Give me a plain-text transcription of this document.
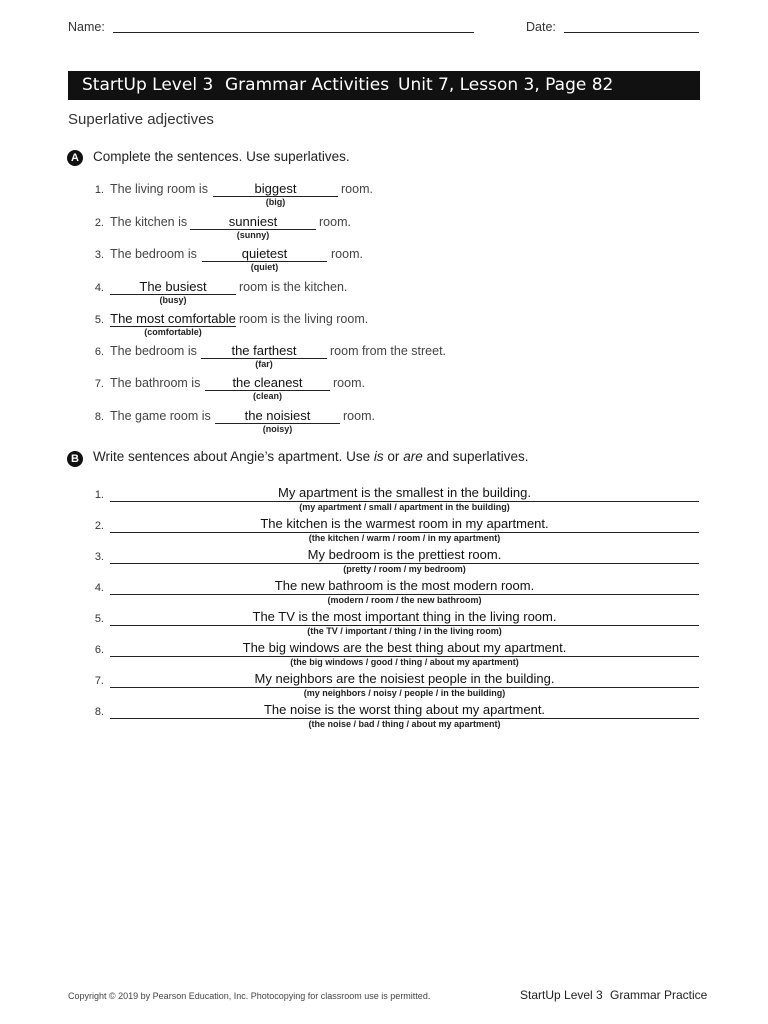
Name:	Date:
StartUp Level 3 Grammar Activities Unit 7, Lesson 3, Page 82
Superlative adjectives
A Complete the sentences. Use superlatives.
1. The living room is	biggest
(big)
room.
2. The kitchen is	sunniest
(sunny)
room.
3. The bedroom is	quietest
(quiet)
room.
4.	The busiest
(busy)
room is the kitchen.
5. The most comfortable
(comfortable)
room is the living room.
6. The bedroom is	the farthest
(far)
room from the street.
7. The bathroom is	the cleanest
(clean)
room.
8. The game room is	the noisiest
(noisy)
room.
B Write sentences about Angie’s apartment. Use is or are and superlatives.
1.	My apartment is the smallest in the building.
(my apartment / small / apartment in the building)
2.	The kitchen is the warmest room in my apartment.
(the kitchen / warm / room / in my apartment)
3.	My bedroom is the prettiest room.
(pretty / room / my bedroom)
4.	The new bathroom is the most modern room.
(modern / room / the new bathroom)
5.	The TV is the most important thing in the living room.
(the TV / important / thing / in the living room)
6.	The big windows are the best thing about my apartment.
(the big windows / good / thing / about my apartment)
7.	My neighbors are the noisiest people in the building.
(my neighbors / noisy / people / in the building)
8.	The noise is the worst thing about my apartment.
(the noise / bad / thing / about my apartment)
Copyright © 2019 by Pearson Education, Inc. Photocopying for classroom use is permitted.	StartUp Level 3 Grammar Practice
